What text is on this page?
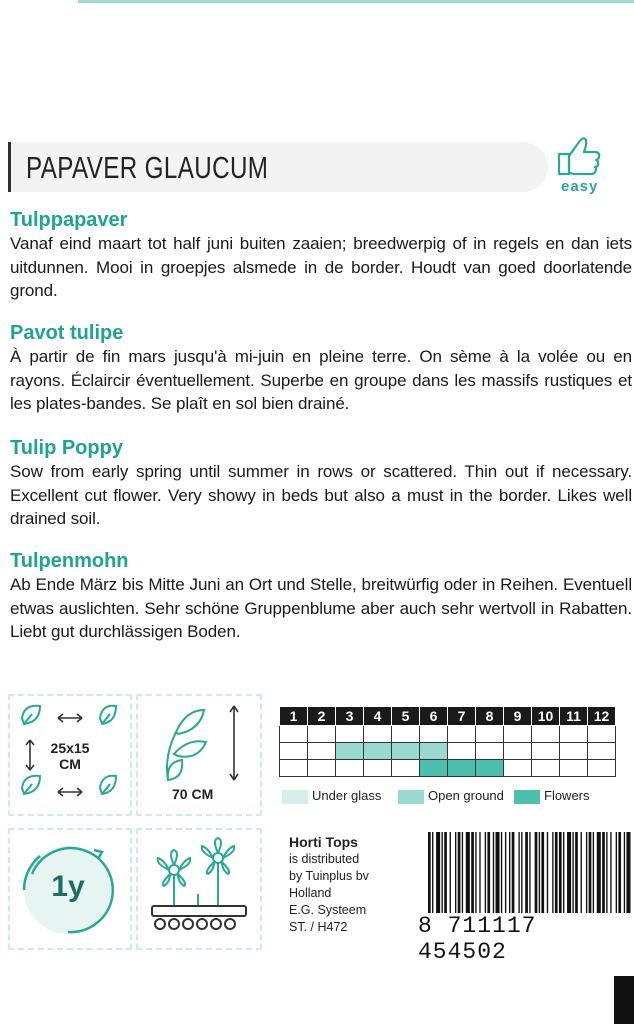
PAPAVER GLAUCUM
easy
Tulppapaver

Vanaf eind maart tot half juni buiten zaaien; breedwerpig of in regels en dan iets uitdunnen. Mooi in groepjes alsmede in de border. Houdt van goed doorlatende grond.

Pavot tulipe

À partir de fin mars jusqu'à mi-juin en pleine terre. On sème à la volée ou en rayons. Éclaircir éventuellement. Superbe en groupe dans les massifs rustiques et les plates-bandes. Se plaît en sol bien drainé.

Tulip Poppy

Sow from early spring until summer in rows or scattered. Thin out if necessary. Excellent cut flower. Very showy in beds but also a must in the border. Likes well drained soil.

Tulpenmohn

Ab Ende März bis Mitte Juni an Ort und Stelle, breitwürfig oder in Reihen. Eventuell etwas auslichten. Sehr schöne Gruppenblume aber auch sehr wertvoll in Rabatten. Liebt gut durchlässigen Boden.

25x15
CM
70 CM
1y
1	2	3	4	5	6	7	8	9	10	11	12

Under glass	Open ground	Flowers
Horti Tops
is distributed
by Tuinplus bv
Holland
E.G. Systeem
ST. / H472	8 711117 454502
